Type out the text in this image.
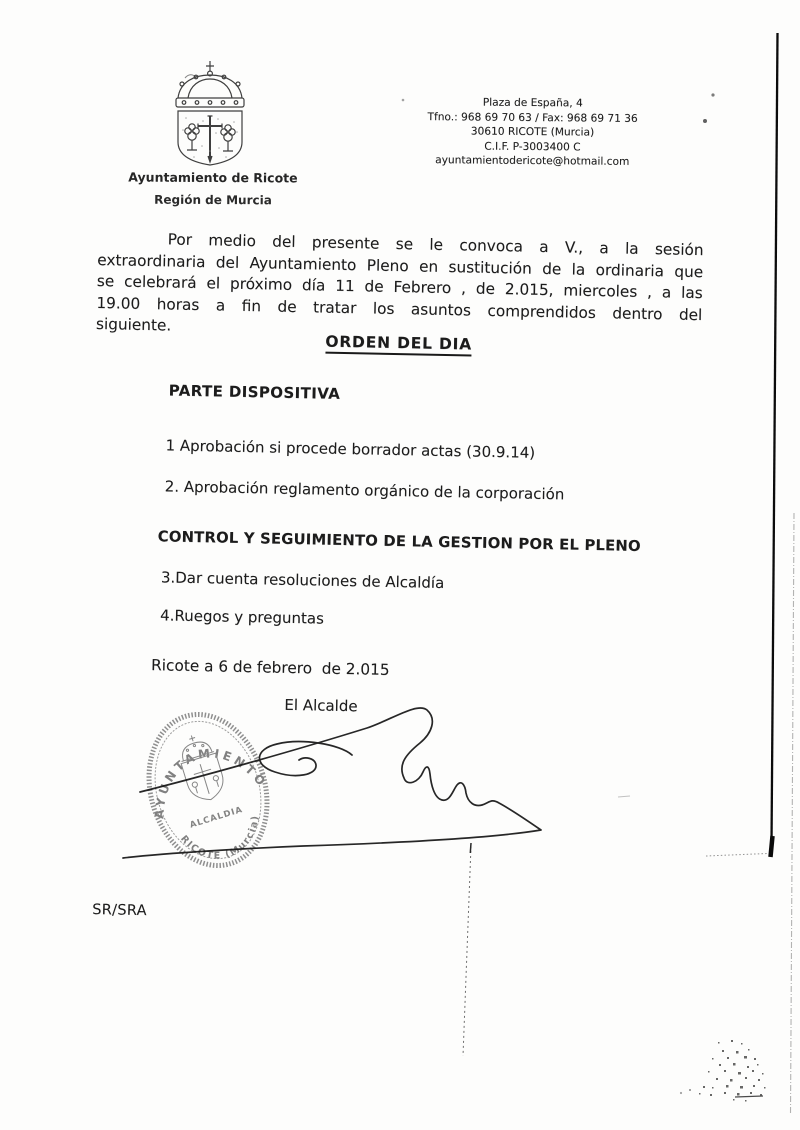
Ayuntamiento de Ricote
Región de Murcia
Plaza de España, 4
Tfno.: 968 69 70 63 / Fax: 968 69 71 36
30610 RICOTE (Murcia)
C.I.F. P-3003400 C
ayuntamientodericote@hotmail.com

Por medio del presente se le convoca a V., a la sesión extraordinaria del Ayuntamiento Pleno en sustitución de la ordinaria que se celebrará el próximo día 11 de Febrero , de 2.015, miercoles , a las 19.00 horas a fin de tratar los asuntos comprendidos dentro del siguiente.

ORDEN DEL DIA
PARTE DISPOSITIVA

1 Aprobación si procede borrador actas (30.9.14)

2. Aprobación reglamento orgánico de la corporación

CONTROL Y SEGUIMIENTO DE LA GESTION POR EL PLENO

3.Dar cuenta resoluciones de Alcaldía

4.Ruegos y preguntas

Ricote a 6 de febrero  de 2.015

El Alcalde

SR/SRA

AYUNTAMIENTO
RICOTE (Murcia)
ALCALDIA
